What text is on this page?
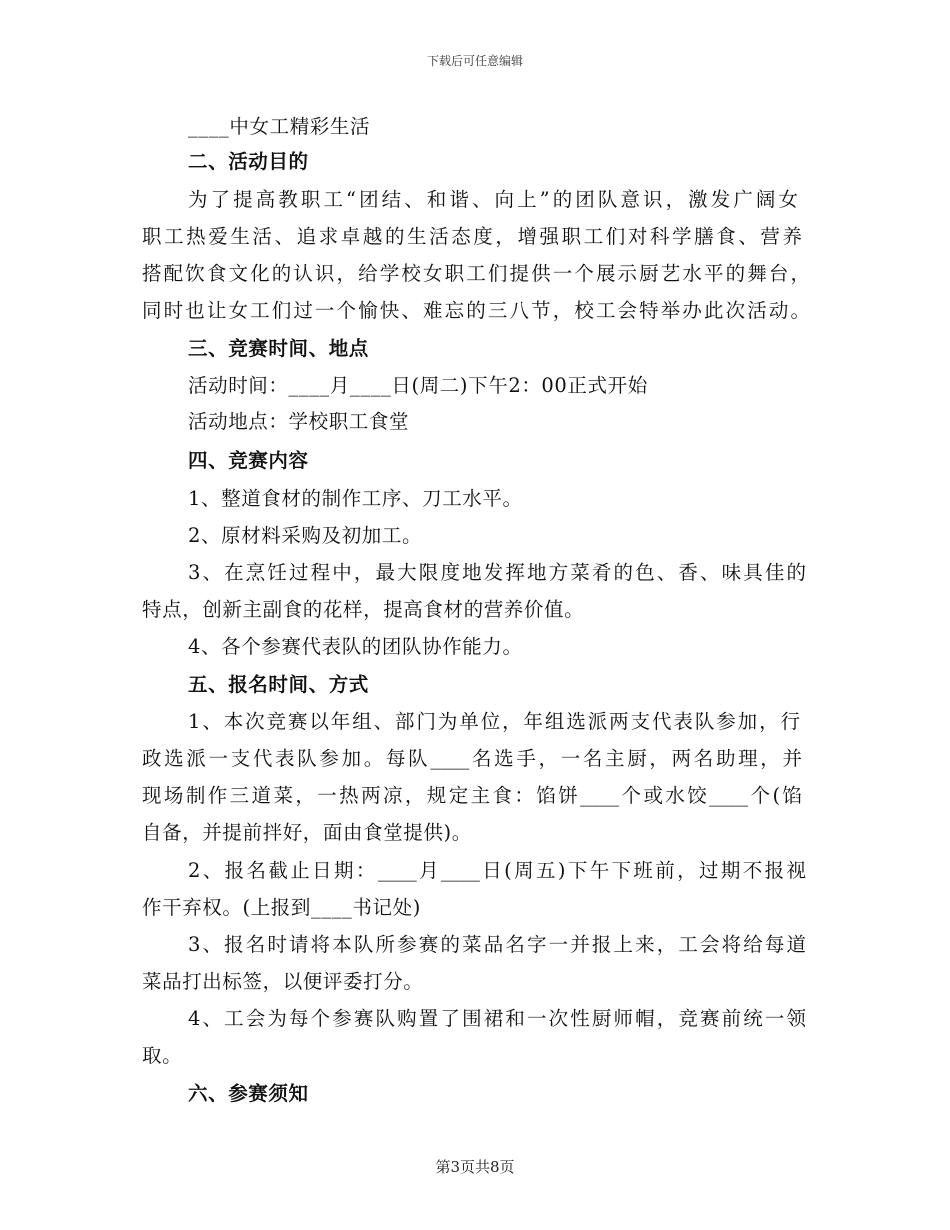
下载后可任意编辑
____中女工精彩生活
二、活动目的
为了提高教职工“团结、和谐、向上”的团队意识，激发广阔女
职工热爱生活、追求卓越的生活态度，增强职工们对科学膳食、营养
搭配饮食文化的认识，给学校女职工们提供一个展示厨艺水平的舞台，
同时也让女工们过一个愉快、难忘的三八节，校工会特举办此次活动。
三、竞赛时间、地点
活动时间：____月____日(周二)下午2：00正式开始
活动地点：学校职工食堂
四、竞赛内容
1、整道食材的制作工序、刀工水平。
2、原材料采购及初加工。
3、在烹饪过程中，最大限度地发挥地方菜肴的色、香、味具佳的
特点，创新主副食的花样，提高食材的营养价值。
4、各个参赛代表队的团队协作能力。
五、报名时间、方式
1、本次竞赛以年组、部门为单位，年组选派两支代表队参加，行
政选派一支代表队参加。每队____名选手，一名主厨，两名助理，并
现场制作三道菜，一热两凉，规定主食：馅饼____个或水饺____个(馅
自备，并提前拌好，面由食堂提供)。
2、报名截止日期：____月____日(周五)下午下班前，过期不报视
作干弃权。(上报到____书记处)
3、报名时请将本队所参赛的菜品名字一并报上来，工会将给每道
菜品打出标签，以便评委打分。
4、工会为每个参赛队购置了围裙和一次性厨师帽，竞赛前统一领
取。
六、参赛须知
第3页共8页
